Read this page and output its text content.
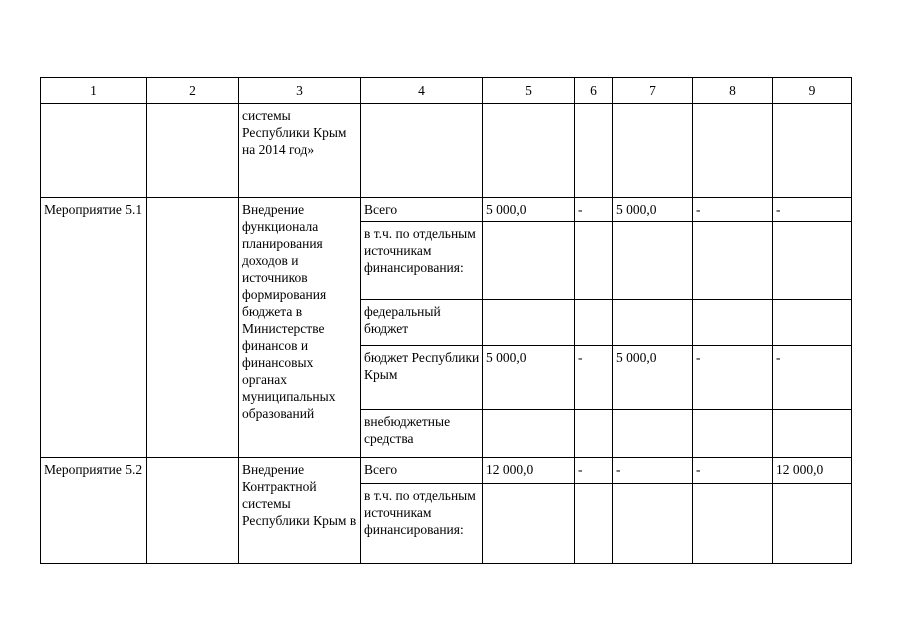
1	2	3	4	5	6	7	8	9
		системы Республики Крым на 2014 год»						
Мероприятие 5.1		Внедрение функционала планирования доходов и источников формирования бюджета в Министерстве финансов и финансовых органах муниципальных образований	Всего	5 000,0	-	5 000,0	-	-
			в т.ч. по отдельным источникам финансирования:					
			федеральный бюджет					
			бюджет Республики Крым	5 000,0	-	5 000,0	-	-
			внебюджетные средства					
Мероприятие 5.2		Внедрение Контрактной системы Республики Крым в	Всего	12 000,0	-	-	-	12 000,0
			в т.ч. по отдельным источникам финансирования:					
